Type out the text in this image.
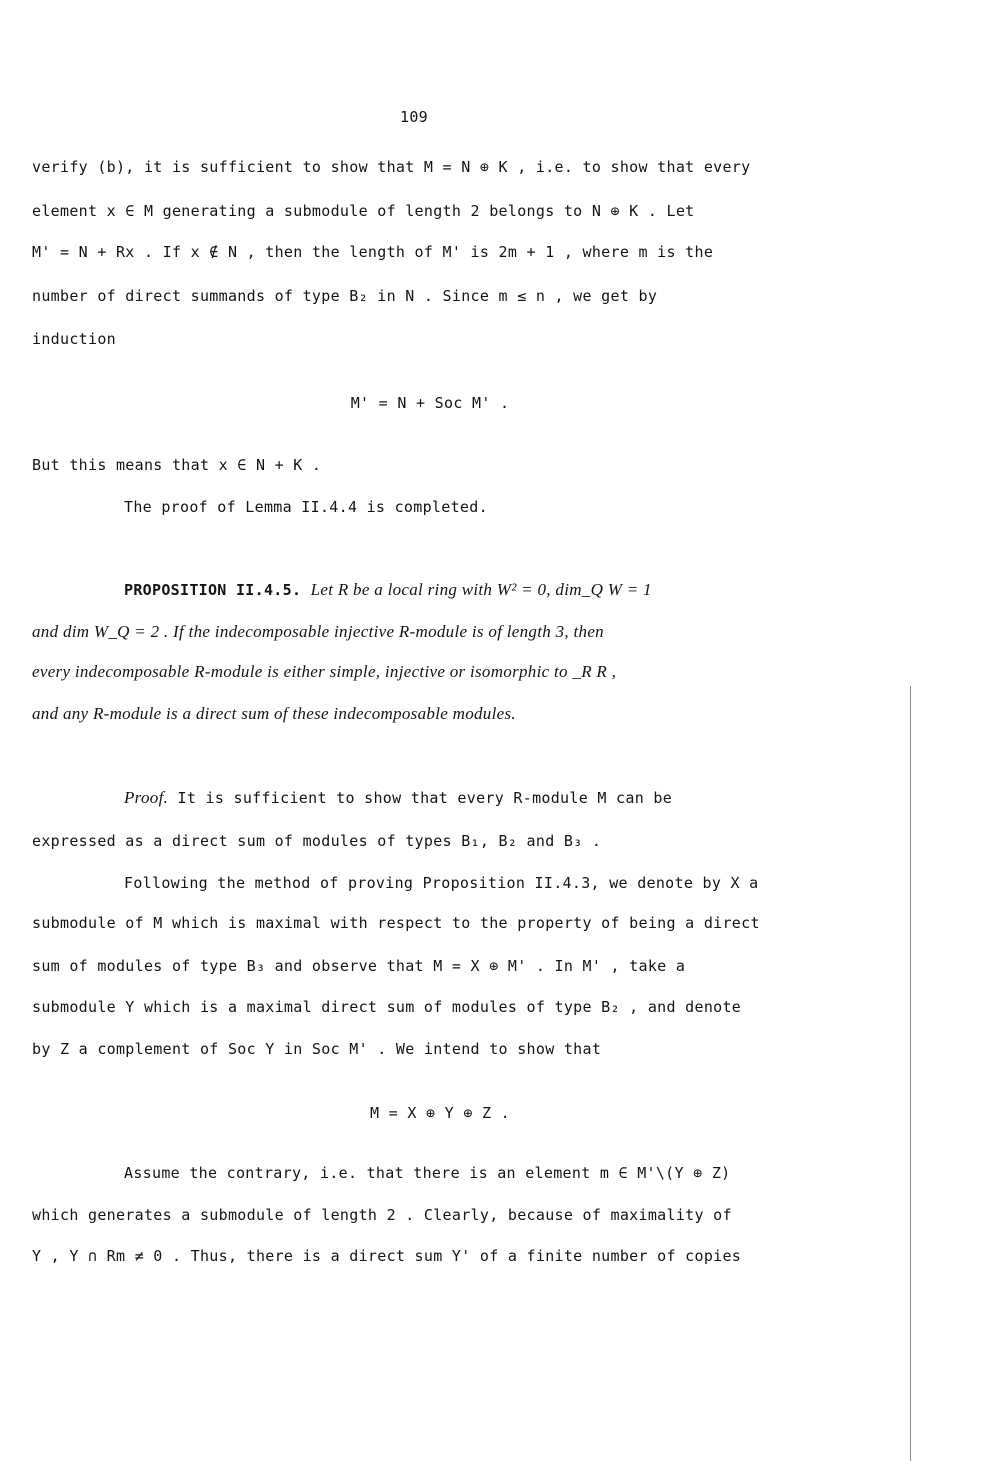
109
verify (b), it is sufficient to show that M = N ⊕ K , i.e. to show that every
element x ∈ M generating a submodule of length 2 belongs to N ⊕ K . Let
M' = N + Rx . If x ∉ N , then the length of M' is 2m + 1 , where m is the
number of direct summands of type B₂ in N . Since m ≤ n , we get by
induction
M' = N + Soc M' .
But this means that x ∈ N + K .
The proof of Lemma II.4.4 is completed.
PROPOSITION II.4.5. Let R be a local ring with W² = 0, dim_Q W = 1
and dim W_Q = 2 . If the indecomposable injective R-module is of length 3, then
every indecomposable R-module is either simple, injective or isomorphic to _R R ,
and any R-module is a direct sum of these indecomposable modules.
Proof. It is sufficient to show that every R-module M can be
expressed as a direct sum of modules of types B₁, B₂ and B₃ .
Following the method of proving Proposition II.4.3, we denote by X a
submodule of M which is maximal with respect to the property of being a direct
sum of modules of type B₃ and observe that M = X ⊕ M' . In M' , take a
submodule Y which is a maximal direct sum of modules of type B₂ , and denote
by Z a complement of Soc Y in Soc M' . We intend to show that
M = X ⊕ Y ⊕ Z .
Assume the contrary, i.e. that there is an element m ∈ M'\(Y ⊕ Z)
which generates a submodule of length 2 . Clearly, because of maximality of
Y , Y ∩ Rm ≠ 0 . Thus, there is a direct sum Y' of a finite number of copies
